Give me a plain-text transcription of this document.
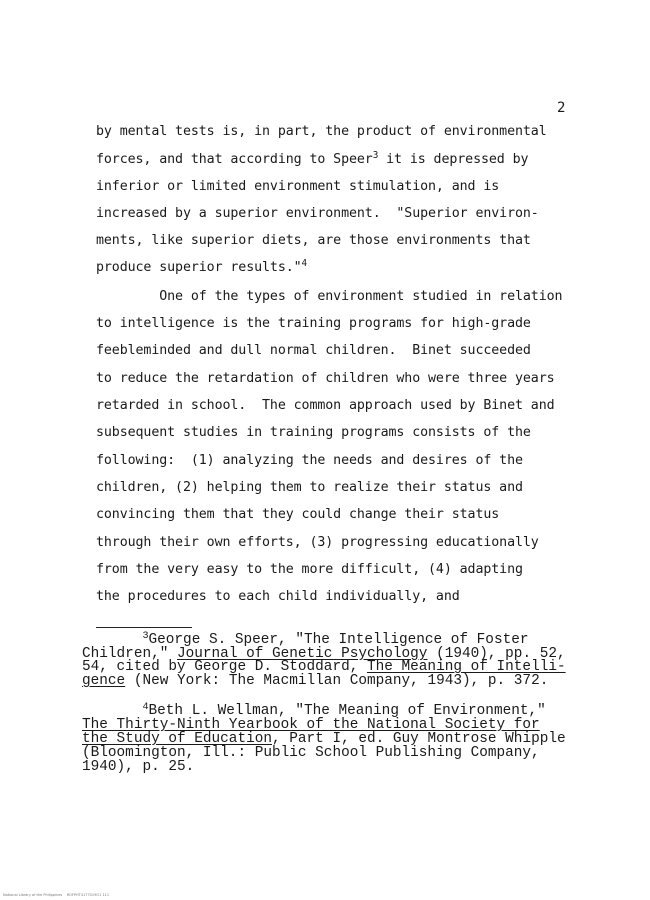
2
by mental tests is, in part, the product of environmental
forces, and that according to Speer$^3$ it is depressed by
inferior or limited environment stimulation, and is
increased by a superior environment.  "Superior environ-
ments, like superior diets, are those environments that
produce superior results."$^4$
One of the types of environment studied in relation
to intelligence is the training programs for high-grade
feebleminded and dull normal children.  Binet succeeded
to reduce the retardation of children who were three years
retarded in school.  The common approach used by Binet and
subsequent studies in training programs consists of the
following:  (1) analyzing the needs and desires of the
children, (2) helping them to realize their status and
convincing them that they could change their status
through their own efforts, (3) progressing educationally
from the very easy to the more difficult, (4) adapting
the procedures to each child individually, and
$^3$George S. Speer, "The Intelligence of Foster
Children," Journal of Genetic Psychology (1940), pp. 52,
54, cited by George D. Stoddard, The Meaning of Intelli-
gence (New York: The Macmillan Company, 1943), p. 372.
$^4$Beth L. Wellman, "The Meaning of Environment,"
The Thirty-Ninth Yearbook of the National Society for
the Study of Education, Part I, ed. Guy Montrose Whipple
(Bloomington, Ill.: Public School Publishing Company,
1940), p. 25.
National Library of the Philippines    ROFPHT4177019O1 111
